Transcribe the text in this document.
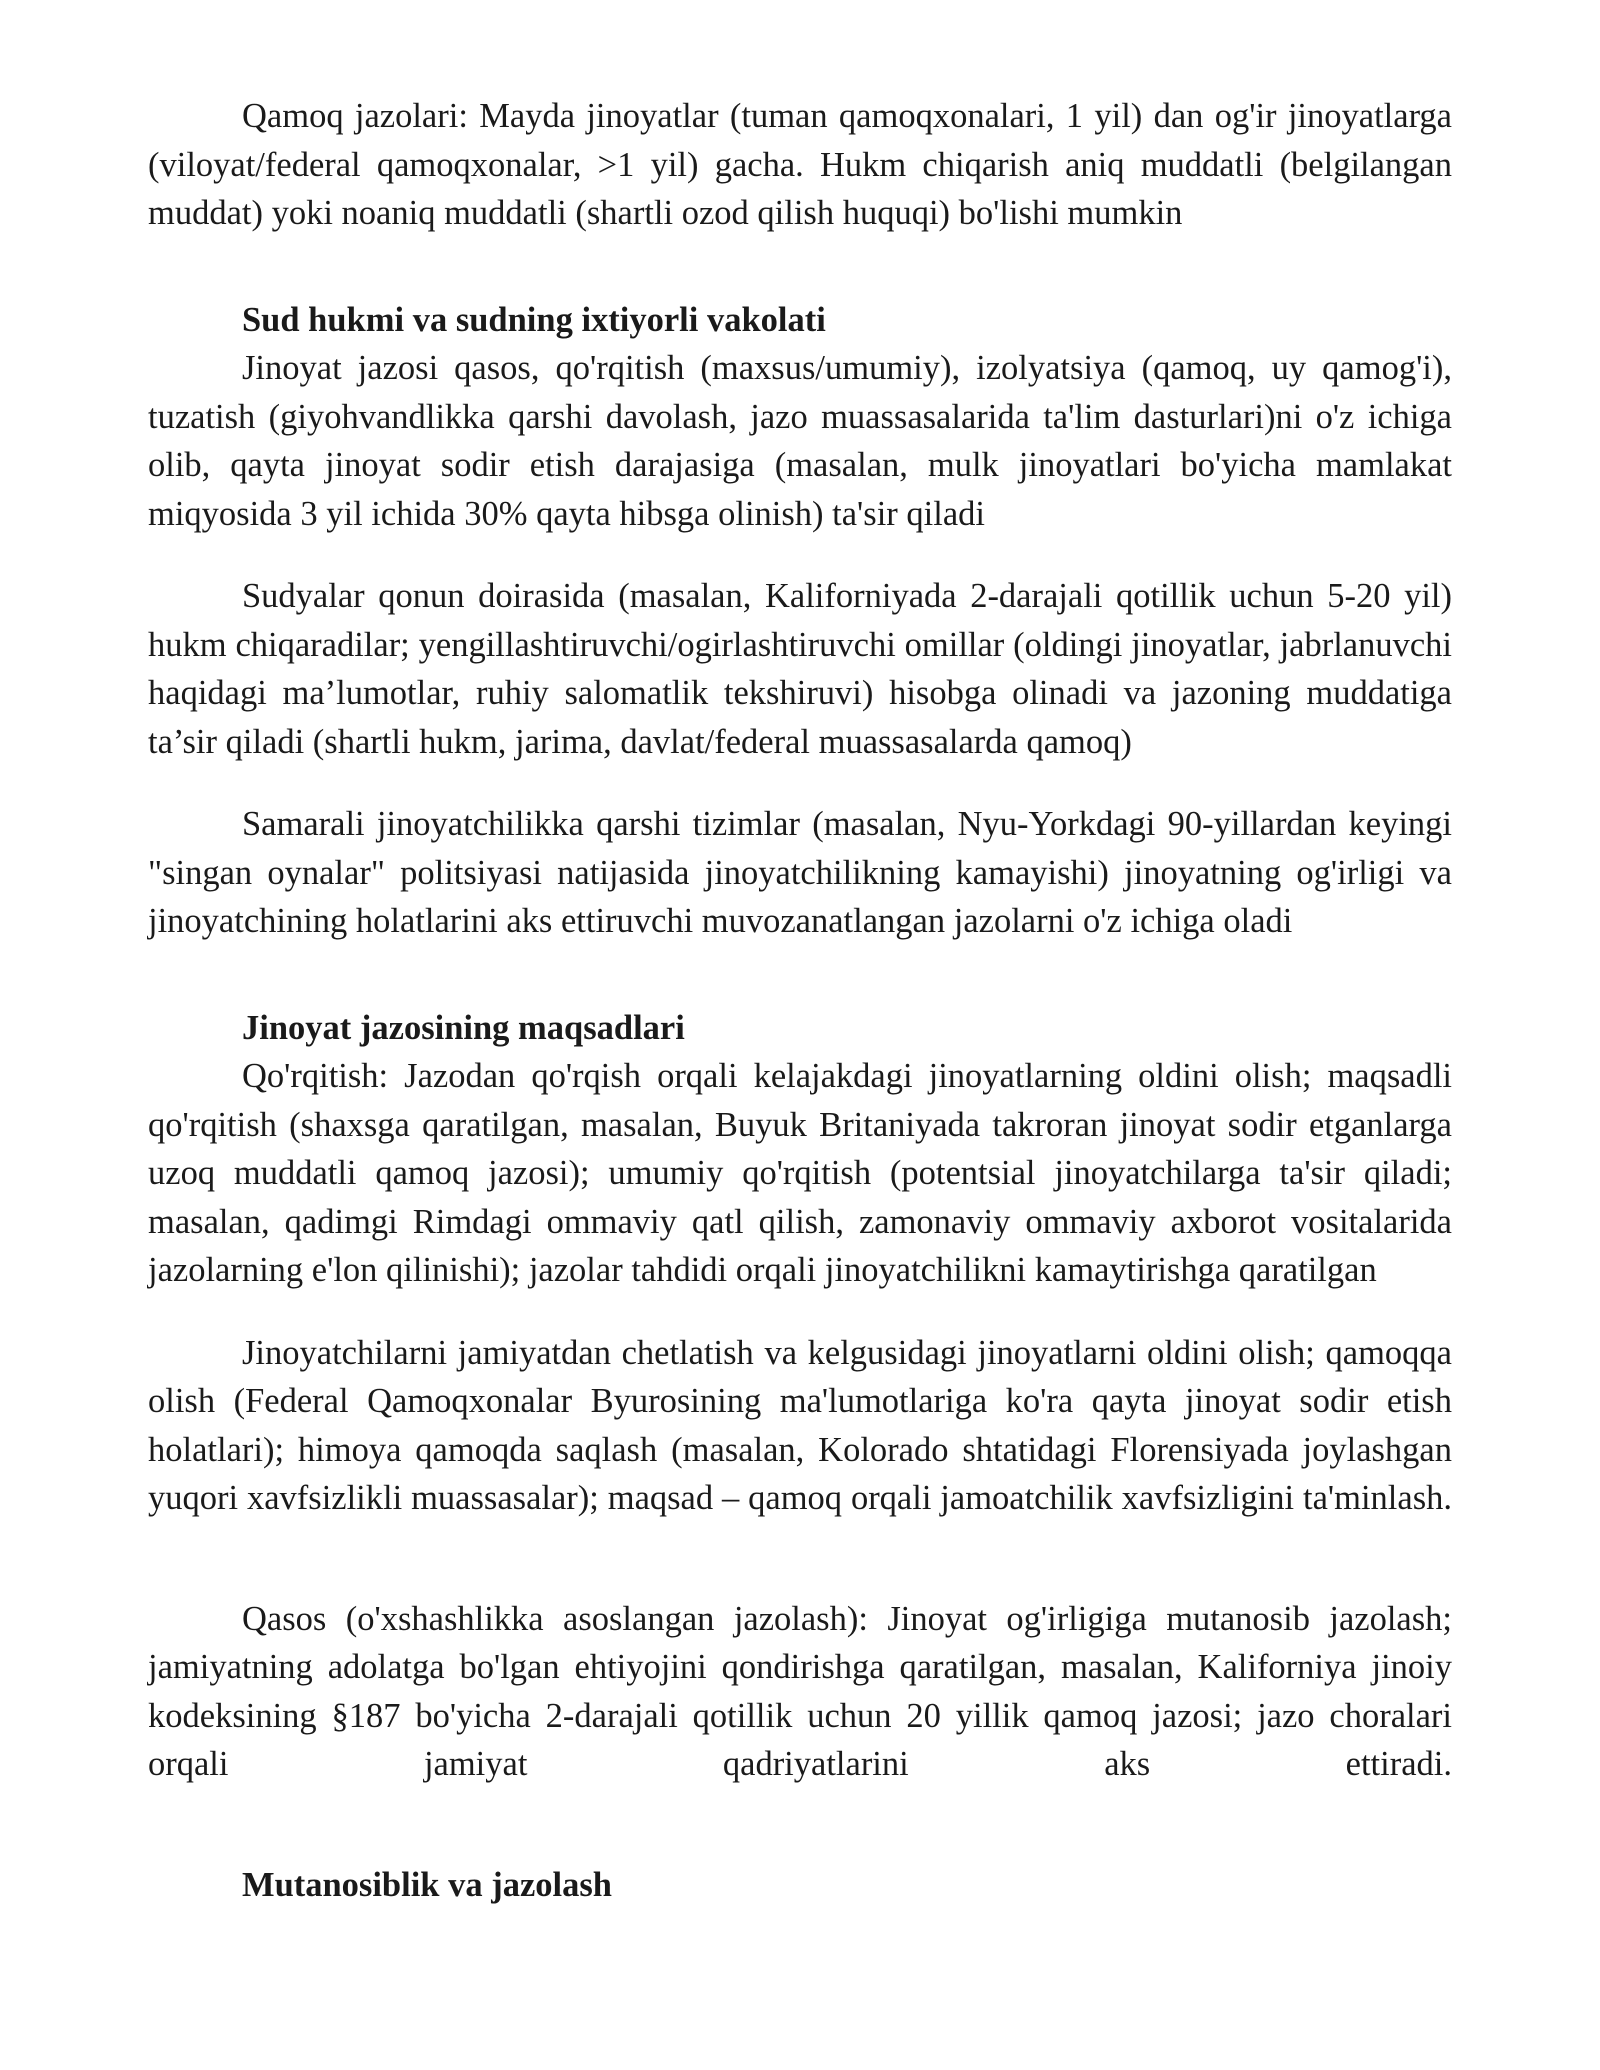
Qamoq jazolari: Mayda jinoyatlar (tuman qamoqxonalari, 1 yil) dan og'ir jinoyatlarga (viloyat/federal qamoqxonalar, >1 yil) gacha. Hukm chiqarish aniq muddatli (belgilangan muddat) yoki noaniq muddatli (shartli ozod qilish huquqi) bo'lishi mumkin

Sud hukmi va sudning ixtiyorli vakolati

Jinoyat jazosi qasos, qo'rqitish (maxsus/umumiy), izolyatsiya (qamoq, uy qamog'i), tuzatish (giyohvandlikka qarshi davolash, jazo muassasalarida ta'lim dasturlari)ni o'z ichiga olib, qayta jinoyat sodir etish darajasiga (masalan, mulk jinoyatlari bo'yicha mamlakat miqyosida 3 yil ichida 30% qayta hibsga olinish) ta'sir qiladi

Sudyalar qonun doirasida (masalan, Kaliforniyada 2-darajali qotillik uchun 5-20 yil) hukm chiqaradilar; yengillashtiruvchi/ogirlashtiruvchi omillar (oldingi jinoyatlar, jabrlanuvchi haqidagi ma’lumotlar, ruhiy salomatlik tekshiruvi) hisobga olinadi va jazoning muddatiga ta’sir qiladi (shartli hukm, jarima, davlat/federal muassasalarda qamoq)

Samarali jinoyatchilikka qarshi tizimlar (masalan, Nyu-Yorkdagi 90-yillardan keyingi "singan oynalar" politsiyasi natijasida jinoyatchilikning kamayishi) jinoyatning og'irligi va jinoyatchining holatlarini aks ettiruvchi muvozanatlangan jazolarni o'z ichiga oladi

Jinoyat jazosining maqsadlari

Qo'rqitish: Jazodan qo'rqish orqali kelajakdagi jinoyatlarning oldini olish; maqsadli qo'rqitish (shaxsga qaratilgan, masalan, Buyuk Britaniyada takroran jinoyat sodir etganlarga uzoq muddatli qamoq jazosi); umumiy qo'rqitish (potentsial jinoyatchilarga ta'sir qiladi; masalan, qadimgi Rimdagi ommaviy qatl qilish, zamonaviy ommaviy axborot vositalarida jazolarning e'lon qilinishi); jazolar tahdidi orqali jinoyatchilikni kamaytirishga qaratilgan

Jinoyatchilarni jamiyatdan chetlatish va kelgusidagi jinoyatlarni oldini olish; qamoqqa olish (Federal Qamoqxonalar Byurosining ma'lumotlariga ko'ra qayta jinoyat sodir etish holatlari); himoya qamoqda saqlash (masalan, Kolorado shtatidagi Florensiyada joylashgan yuqori xavfsizlikli muassasalar); maqsad – qamoq orqali jamoatchilik xavfsizligini ta'minlash.

Qasos (o'xshashlikka asoslangan jazolash): Jinoyat og'irligiga mutanosib jazolash; jamiyatning adolatga bo'lgan ehtiyojini qondirishga qaratilgan, masalan, Kaliforniya jinoiy kodeksining §187 bo'yicha 2-darajali qotillik uchun 20 yillik qamoq jazosi; jazo choralari orqali jamiyat qadriyatlarini aks ettiradi.

Mutanosiblik va jazolash
